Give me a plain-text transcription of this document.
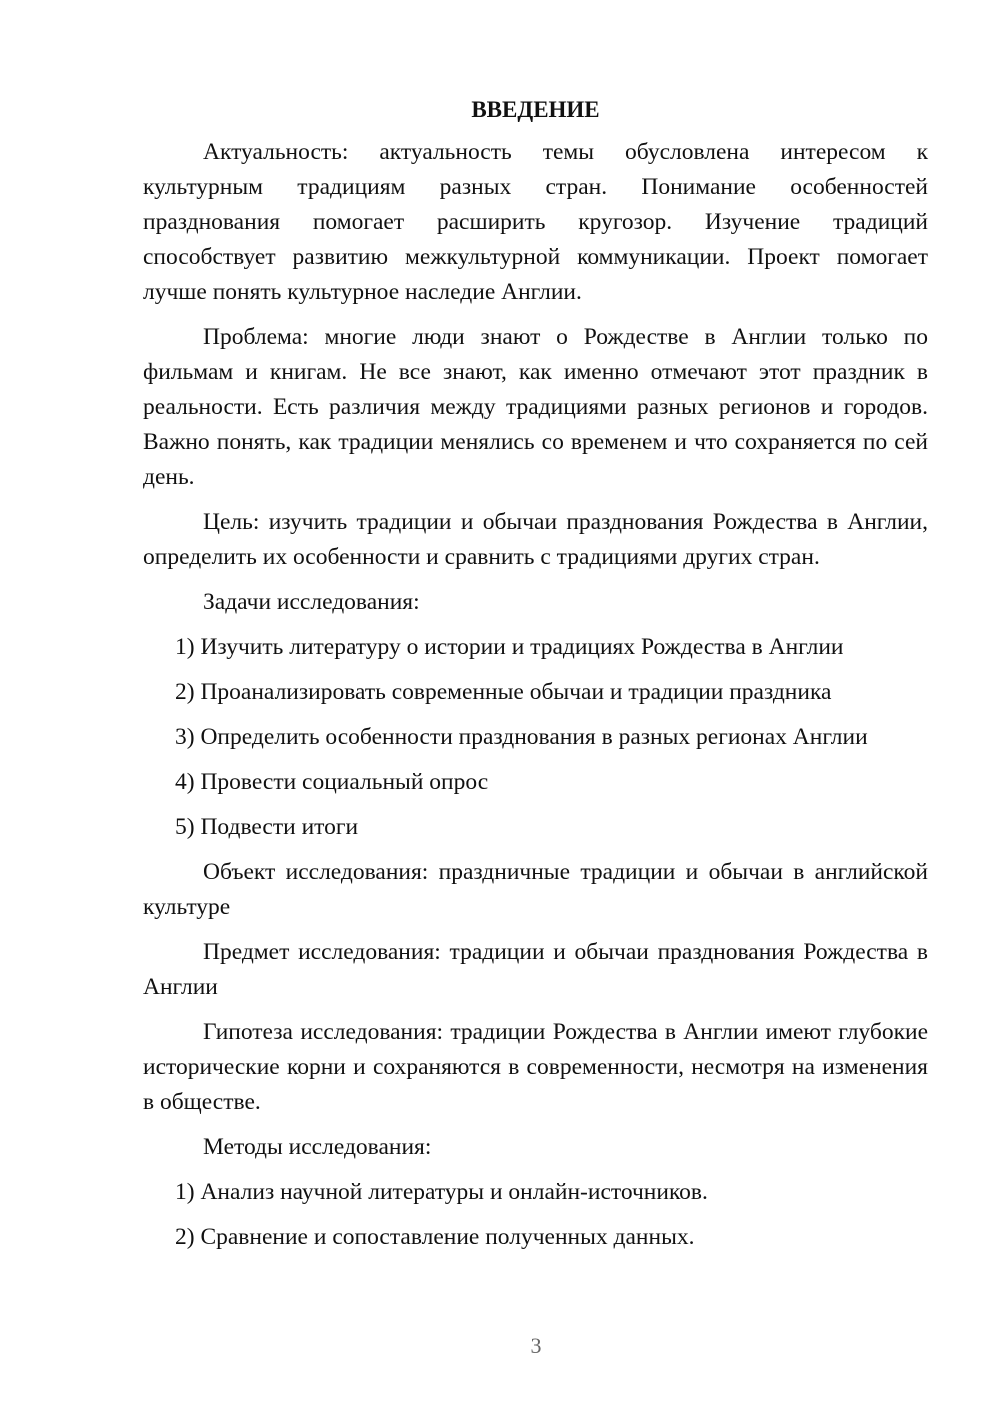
ВВЕДЕНИЕ

Актуальность: актуальность темы обусловлена интересом к культурным традициям разных стран. Понимание особенностей празднования помогает расширить кругозор. Изучение традиций способствует развитию межкультурной коммуникации. Проект помогает лучше понять культурное наследие Англии.

Проблема: многие люди знают о Рождестве в Англии только по фильмам и книгам. Не все знают, как именно отмечают этот праздник в реальности. Есть различия между традициями разных регионов и городов. Важно понять, как традиции менялись со временем и что сохраняется по сей день.

Цель: изучить традиции и обычаи празднования Рождества в Англии, определить их особенности и сравнить с традициями других стран.

Задачи исследования:

1) Изучить литературу о истории и традициях Рождества в Англии

2) Проанализировать современные обычаи и традиции праздника

3) Определить особенности празднования в разных регионах Англии

4) Провести социальный опрос

5) Подвести итоги

Объект исследования: праздничные традиции и обычаи в английской культуре

Предмет исследования: традиции и обычаи празднования Рождества в Англии

Гипотеза исследования: традиции Рождества в Англии имеют глубокие исторические корни и сохраняются в современности, несмотря на изменения в обществе.

Методы исследования:

1) Анализ научной литературы и онлайн-источников.

2) Сравнение и сопоставление полученных данных.

3
